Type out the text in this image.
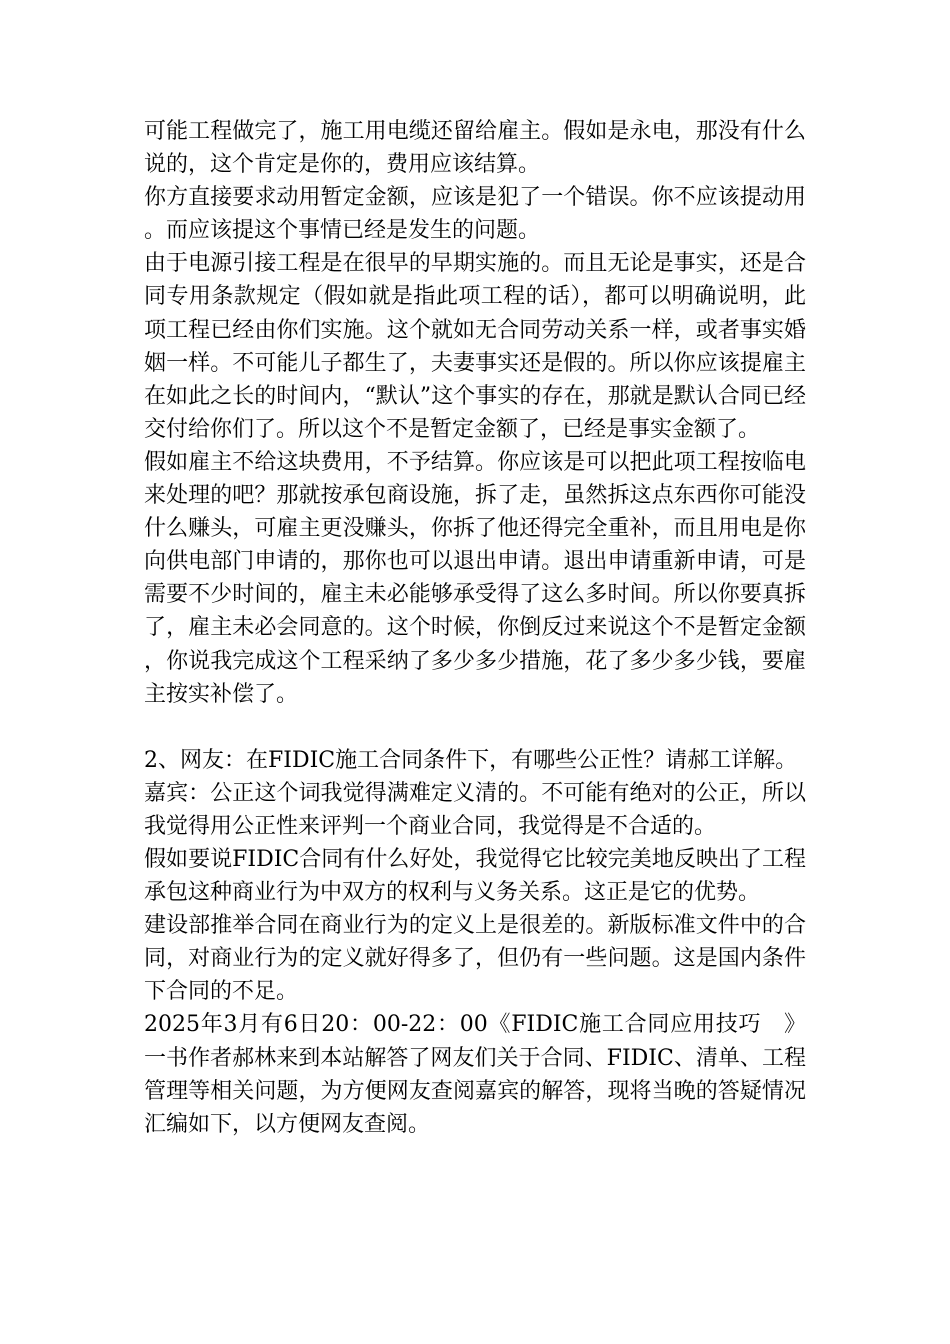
可能工程做完了，施工用电缆还留给雇主。假如是永电，那没有什么说的，这个肯定是你的，费用应该结算。

你方直接要求动用暂定金额，应该是犯了一个错误。你不应该提动用。而应该提这个事情已经是发生的问题。

由于电源引接工程是在很早的早期实施的。而且无论是事实，还是合同专用条款规定（假如就是指此项工程的话），都可以明确说明，此项工程已经由你们实施。这个就如无合同劳动关系一样，或者事实婚姻一样。不可能儿子都生了，夫妻事实还是假的。所以你应该提雇主在如此之长的时间内，“默认”这个事实的存在，那就是默认合同已经交付给你们了。所以这个不是暂定金额了，已经是事实金额了。

假如雇主不给这块费用，不予结算。你应该是可以把此项工程按临电来处理的吧？那就按承包商设施，拆了走，虽然拆这点东西你可能没什么赚头，可雇主更没赚头，你拆了他还得完全重补，而且用电是你向供电部门申请的，那你也可以退出申请。退出申请重新申请，可是需要不少时间的，雇主未必能够承受得了这么多时间。所以你要真拆了，雇主未必会同意的。这个时候，你倒反过来说这个不是暂定金额，你说我完成这个工程采纳了多少多少措施，花了多少多少钱，要雇主按实补偿了。

2、网友：在FIDIC施工合同条件下，有哪些公正性？请郝工详解。

嘉宾：公正这个词我觉得满难定义清的。不可能有绝对的公正，所以我觉得用公正性来评判一个商业合同，我觉得是不合适的。

假如要说FIDIC合同有什么好处，我觉得它比较完美地反映出了工程承包这种商业行为中双方的权利与义务关系。这正是它的优势。

建设部推举合同在商业行为的定义上是很差的。新版标准文件中的合同，对商业行为的定义就好得多了，但仍有一些问题。这是国内条件下合同的不足。

2025年3月有6日20：00-22：00《FIDIC施工合同应用技巧　》一书作者郝林来到本站解答了网友们关于合同、FIDIC、清单、工程管理等相关问题，为方便网友查阅嘉宾的解答，现将当晚的答疑情况汇编如下，以方便网友查阅。
